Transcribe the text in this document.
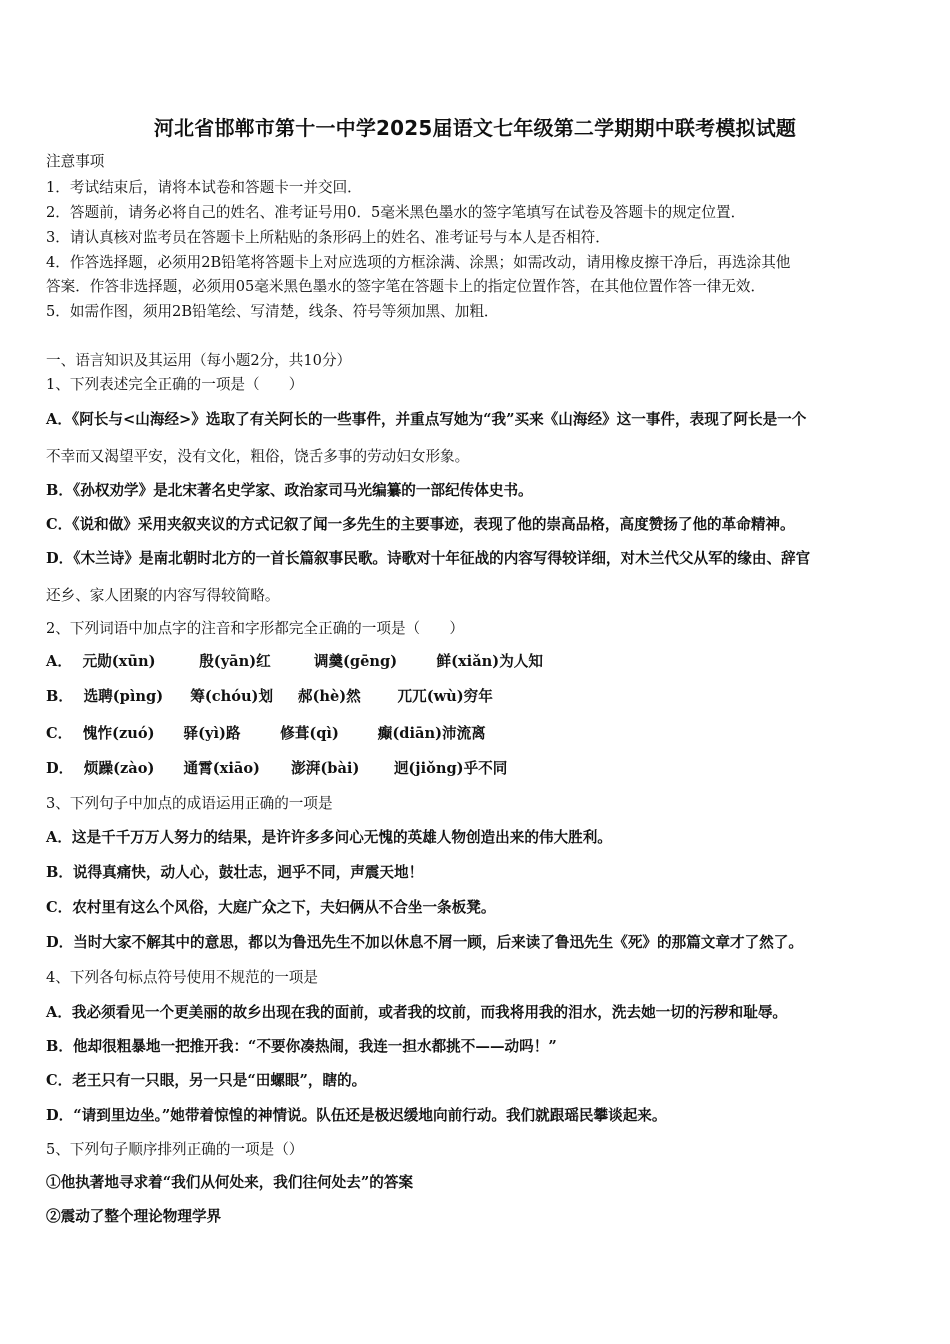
河北省邯郸市第十一中学2025届语文七年级第二学期期中联考模拟试题
注意事项
1．考试结束后，请将本试卷和答题卡一并交回．
2．答题前，请务必将自己的姓名、准考证号用0．5毫米黑色墨水的签字笔填写在试卷及答题卡的规定位置．
3．请认真核对监考员在答题卡上所粘贴的条形码上的姓名、准考证号与本人是否相符．
4．作答选择题，必须用2B铅笔将答题卡上对应选项的方框涂满、涂黑；如需改动，请用橡皮擦干净后，再选涂其他
答案．作答非选择题，必须用05毫米黑色墨水的签字笔在答题卡上的指定位置作答，在其他位置作答一律无效．
5．如需作图，须用2B铅笔绘、写清楚，线条、符号等须加黑、加粗．
一、语言知识及其运用（每小题2分，共10分）
1、下列表述完全正确的一项是（　　）
A．《阿长与<山海经>》选取了有关阿长的一些事件，并重点写她为“我”买来《山海经》这一事件，表现了阿长是一个
不幸而又渴望平安，没有文化，粗俗，饶舌多事的劳动妇女形象。
B．《孙权劝学》是北宋著名史学家、政治家司马光编纂的一部纪传体史书。
C．《说和做》采用夹叙夹议的方式记叙了闻一多先生的主要事迹，表现了他的崇高品格，高度赞扬了他的革命精神。
D．《木兰诗》是南北朝时北方的一首长篇叙事民歌。诗歌对十年征战的内容写得较详细，对木兰代父从军的缘由、辞官
还乡、家人团聚的内容写得较简略。
2、下列词语中加点字的注音和字形都完全正确的一项是（　　）
A． 元勋(xūn)	殷(yān)红	调羹(gēng)	鲜(xiǎn)为人知
B． 选聘(pìng) 筹(chóu)划 郝(hè)然	兀兀(wù)穷年
C． 愧怍(zuó) 驿(yì)路	修葺(qì)	癫(diān)沛流离
D． 烦躁(zào) 通霄(xiāo) 澎湃(bài) 迥(jiǒng)乎不同
3、下列句子中加点的成语运用正确的一项是
A．这是千千万万人努力的结果，是许许多多问心无愧的英雄人物创造出来的伟大胜利。
B．说得真痛快，动人心，鼓壮志，迥乎不同，声震天地！
C．农村里有这么个风俗，大庭广众之下，夫妇俩从不合坐一条板凳。
D．当时大家不解其中的意思，都以为鲁迅先生不加以休息不屑一顾，后来读了鲁迅先生《死》的那篇文章才了然了。
4、下列各句标点符号使用不规范的一项是
A．我必须看见一个更美丽的故乡出现在我的面前，或者我的坟前，而我将用我的泪水，洗去她一切的污秽和耻辱。
B．他却很粗暴地一把推开我：“不要你凑热闹，我连一担水都挑不——动吗！”
C．老王只有一只眼，另一只是“田螺眼”，瞎的。
D．“请到里边坐。”她带着惊惶的神情说。队伍还是极迟缓地向前行动。我们就跟瑶民攀谈起来。
5、下列句子顺序排列正确的一项是（）
①他执著地寻求着“我们从何处来，我们往何处去”的答案
②震动了整个理论物理学界
